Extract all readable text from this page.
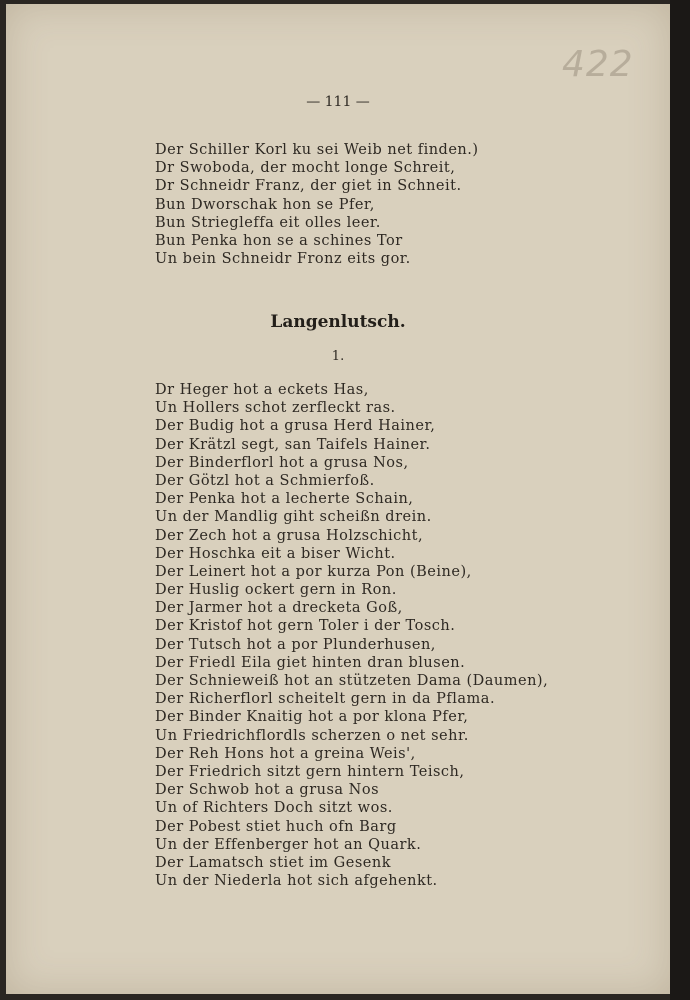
422
— 111 —
Der Schiller Korl ku sei Weib net finden.)
Dr Swoboda, der mocht longe Schreit,
Dr Schneidr Franz, der giet in Schneit.
Bun Dworschak hon se Pfer,
Bun Striegleffa eit olles leer.
Bun Penka hon se a schines Tor
Un bein Schneidr Fronz eits gor.
Langenlutsch.
1.
Dr Heger hot a eckets Has,
Un Hollers schot zerfleckt ras.
Der Budig hot a grusa Herd Hainer,
Der Krätzl segt, san Taifels Hainer.
Der Binderflorl hot a grusa Nos,
Der Götzl hot a Schmierfoß.
Der Penka hot a lecherte Schain,
Un der Mandlig giht scheißn drein.
Der Zech hot a grusa Holzschicht,
Der Hoschka eit a biser Wicht.
Der Leinert hot a por kurza Pon (Beine),
Der Huslig ockert gern in Ron.
Der Jarmer hot a drecketa Goß,
Der Kristof hot gern Toler i der Tosch.
Der Tutsch hot a por Plunderhusen,
Der Friedl Eila giet hinten dran blusen.
Der Schnieweiß hot an stützeten Dama (Daumen),
Der Richerflorl scheitelt gern in da Pflama.
Der Binder Knaitig hot a por klona Pfer,
Un Friedrichflordls scherzen o net sehr.
Der Reh Hons hot a greina Weis',
Der Friedrich sitzt gern hintern Teisch,
Der Schwob hot a grusa Nos
Un of Richters Doch sitzt wos.
Der Pobest stiet huch ofn Barg
Un der Effenberger hot an Quark.
Der Lamatsch stiet im Gesenk
Un der Niederla hot sich afgehenkt.
